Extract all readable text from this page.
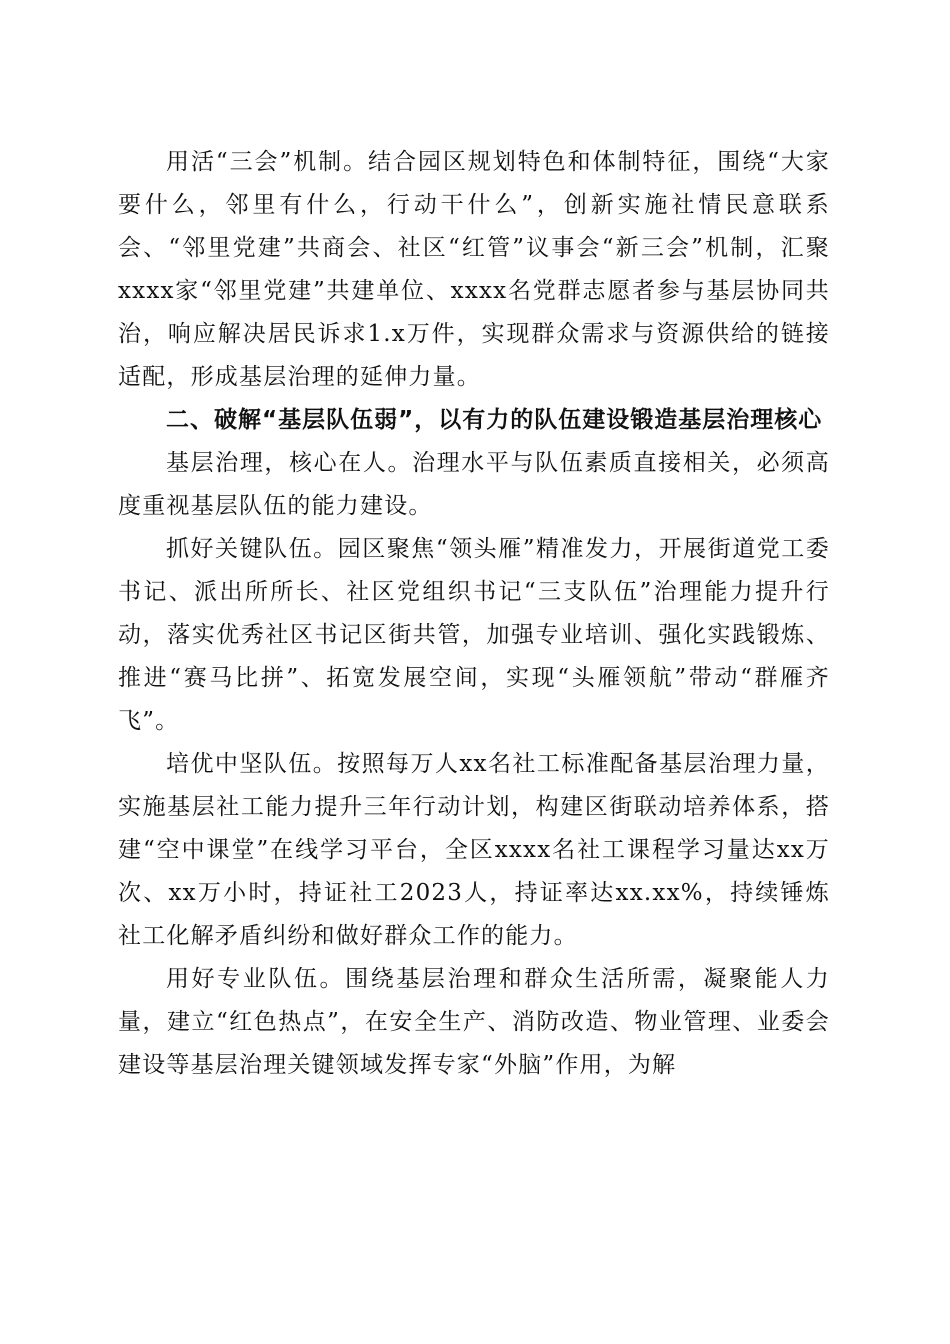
用活“三会”机制。结合园区规划特色和体制特征，围绕“大家要什么，邻里有什么，行动干什么”，创新实施社情民意联系会、“邻里党建”共商会、社区“红管”议事会“新三会”机制，汇聚xxxx家“邻里党建”共建单位、xxxx名党群志愿者参与基层协同共治，响应解决居民诉求1.x万件，实现群众需求与资源供给的链接适配，形成基层治理的延伸力量。

二、破解“基层队伍弱”，以有力的队伍建设锻造基层治理核心

基层治理，核心在人。治理水平与队伍素质直接相关，必须高度重视基层队伍的能力建设。

抓好关键队伍。园区聚焦“领头雁”精准发力，开展街道党工委书记、派出所所长、社区党组织书记“三支队伍”治理能力提升行动，落实优秀社区书记区街共管，加强专业培训、强化实践锻炼、推进“赛马比拼”、拓宽发展空间，实现“头雁领航”带动“群雁齐飞”。

培优中坚队伍。按照每万人xx名社工标准配备基层治理力量，实施基层社工能力提升三年行动计划，构建区街联动培养体系，搭建“空中课堂”在线学习平台，全区xxxx名社工课程学习量达xx万次、xx万小时，持证社工2023人，持证率达xx.xx%，持续锤炼社工化解矛盾纠纷和做好群众工作的能力。

用好专业队伍。围绕基层治理和群众生活所需，凝聚能人力量，建立“红色热点”，在安全生产、消防改造、物业管理、业委会建设等基层治理关键领域发挥专家“外脑”作用，为解
